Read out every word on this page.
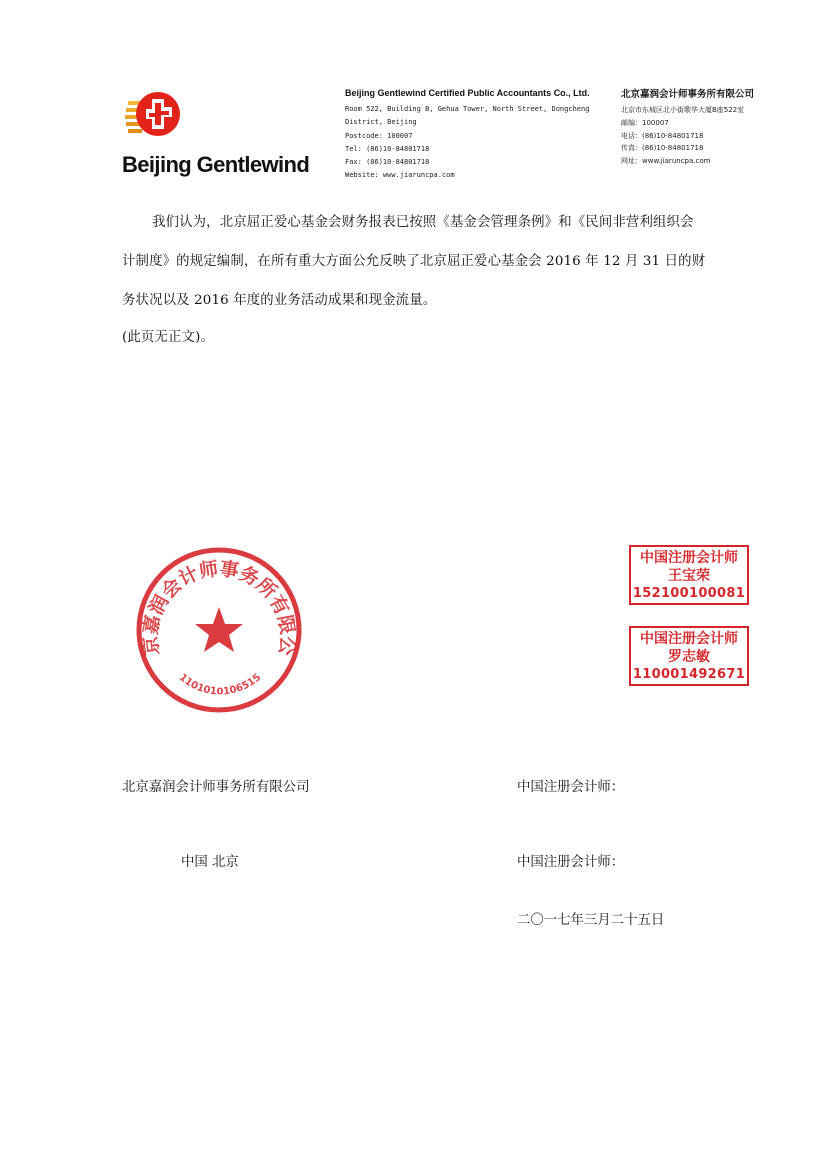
Beijing Gentlewind
Beijing Gentlewind Certified Public Accountants Co., Ltd.
Room 522, Building B, Gehua Tower, North Street, Dongcheng
District, Beijing
Postcode: 100007
Tel: (86)10-84801718
Fax: (86)10-84801718
Website: www.jiaruncpa.com
北京嘉润会计师事务所有限公司
北京市东城区北小街歌华大厦B座522室
邮编：100007
电话：(86)10-84801718
传真：(86)10-84801718
网址：www.jiaruncpa.com
我们认为，北京屈正爱心基金会财务报表已按照《基金会管理条例》和《民间非营利组织会
计制度》的规定编制，在所有重大方面公允反映了北京屈正爱心基金会 2016 年 12 月 31 日的财
务状况以及 2016 年度的业务活动成果和现金流量。
(此页无正文)。
京嘉润会计师事务所有限公
1101010106515
中国注册会计师
王宝荣
152100100081
中国注册会计师
罗志敏
110001492671
北京嘉润会计师事务所有限公司	中国注册会计师：
中国 北京	中国注册会计师：
二〇一七年三月二十五日
